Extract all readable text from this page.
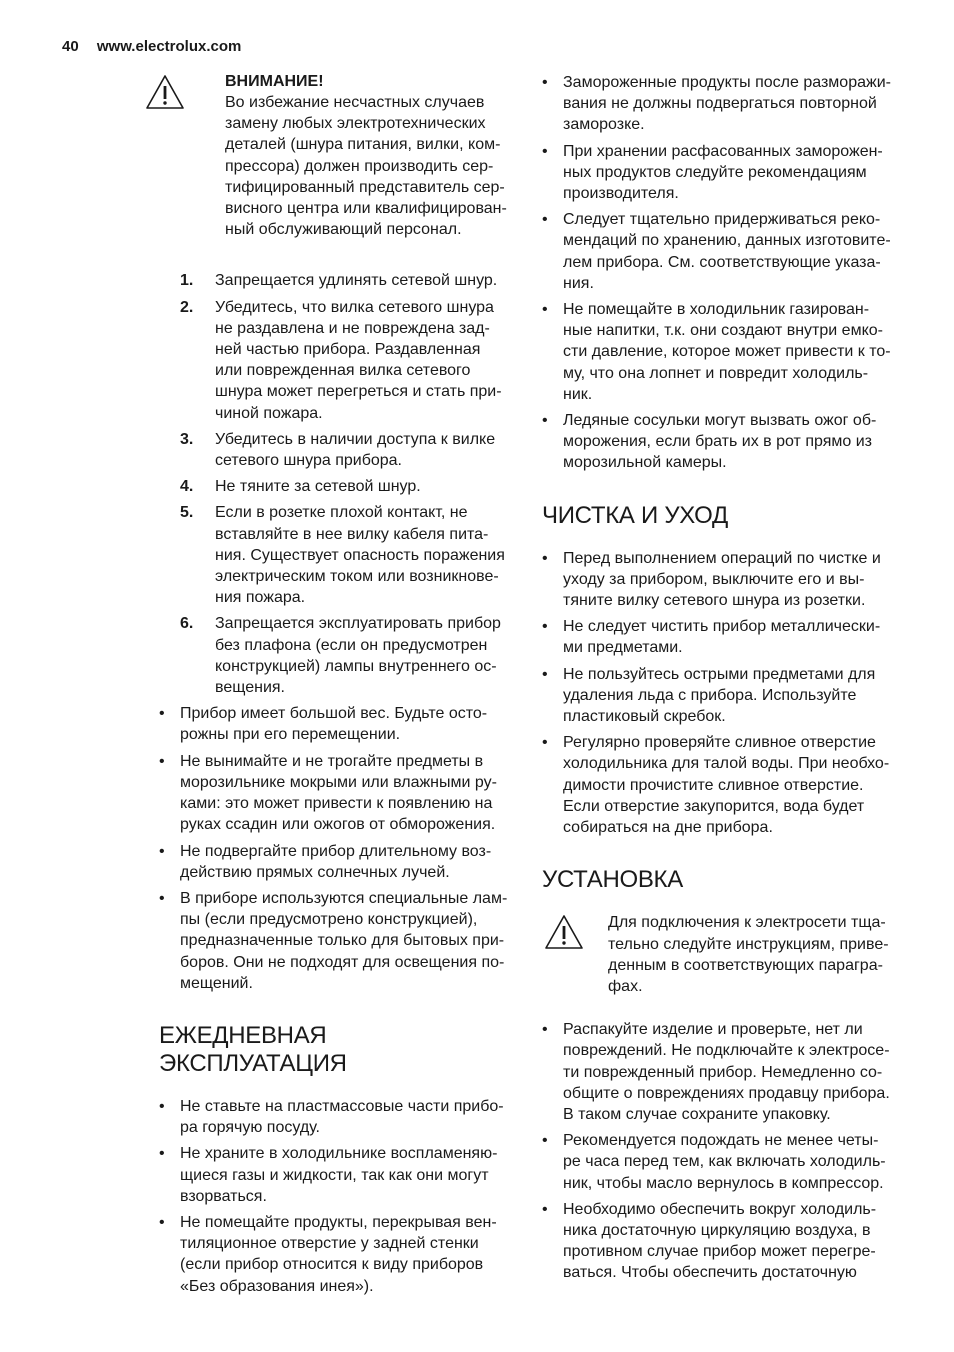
40 www.electrolux.com
ВНИМАНИЕ!
Во избежание несчастных случаев
замену любых электротехнических
деталей (шнура питания, вилки, ком-
прессора) должен производить сер-
тифицированный представитель сер-
висного центра или квалифицирован-
ный обслуживающий персонал.
1. Запрещается удлинять сетевой шнур.
2. Убедитесь, что вилка сетевого шнура
не раздавлена и не повреждена зад-
ней частью прибора. Раздавленная
или поврежденная вилка сетевого
шнура может перегреться и стать при-
чиной пожара.
3. Убедитесь в наличии доступа к вилке
сетевого шнура прибора.
4. Не тяните за сетевой шнур.
5. Если в розетке плохой контакт, не
вставляйте в нее вилку кабеля пита-
ния. Существует опасность поражения
электрическим током или возникнове-
ния пожара.
6. Запрещается эксплуатировать прибор
без плафона (если он предусмотрен
конструкцией) лампы внутреннего ос-
вещения.
• Прибор имеет большой вес. Будьте осто-
рожны при его перемещении.
• Не вынимайте и не трогайте предметы в
морозильнике мокрыми или влажными ру-
ками: это может привести к появлению на
руках ссадин или ожогов от обморожения.
• Не подвергайте прибор длительному воз-
действию прямых солнечных лучей.
• В приборе используются специальные лам-
пы (если предусмотрено конструкцией),
предназначенные только для бытовых при-
боров. Они не подходят для освещения по-
мещений.
ЕЖЕДНЕВНАЯ ЭКСПЛУАТАЦИЯ
• Не ставьте на пластмассовые части прибо-
ра горячую посуду.
• Не храните в холодильнике воспламеняю-
щиеся газы и жидкости, так как они могут
взорваться.
• Не помещайте продукты, перекрывая вен-
тиляционное отверстие у задней стенки
(если прибор относится к виду приборов
«Без образования инея»).
• Замороженные продукты после разморажи-
вания не должны подвергаться повторной
заморозке.
• При хранении расфасованных заморожен-
ных продуктов следуйте рекомендациям
производителя.
• Следует тщательно придерживаться реко-
мендаций по хранению, данных изготовите-
лем прибора. См. соответствующие указа-
ния.
• Не помещайте в холодильник газирован-
ные напитки, т.к. они создают внутри емко-
сти давление, которое может привести к то-
му, что она лопнет и повредит холодиль-
ник.
• Ледяные сосульки могут вызвать ожог об-
морожения, если брать их в рот прямо из
морозильной камеры.
ЧИСТКА И УХОД
• Перед выполнением операций по чистке и
уходу за прибором, выключите его и вы-
тяните вилку сетевого шнура из розетки.
• Не следует чистить прибор металлически-
ми предметами.
• Не пользуйтесь острыми предметами для
удаления льда с прибора. Используйте
пластиковый скребок.
• Регулярно проверяйте сливное отверстие
холодильника для талой воды. При необхо-
димости прочистите сливное отверстие.
Если отверстие закупорится, вода будет
собираться на дне прибора.
УСТАНОВКА
Для подключения к электросети тща-
тельно следуйте инструкциям, приве-
денным в соответствующих парагра-
фах.
• Распакуйте изделие и проверьте, нет ли
повреждений. Не подключайте к электросе-
ти поврежденный прибор. Немедленно со-
общите о повреждениях продавцу прибора.
В таком случае сохраните упаковку.
• Рекомендуется подождать не менее четы-
ре часа перед тем, как включать холодиль-
ник, чтобы масло вернулось в компрессор.
• Необходимо обеспечить вокруг холодиль-
ника достаточную циркуляцию воздуха, в
противном случае прибор может перегре-
ваться. Чтобы обеспечить достаточную
